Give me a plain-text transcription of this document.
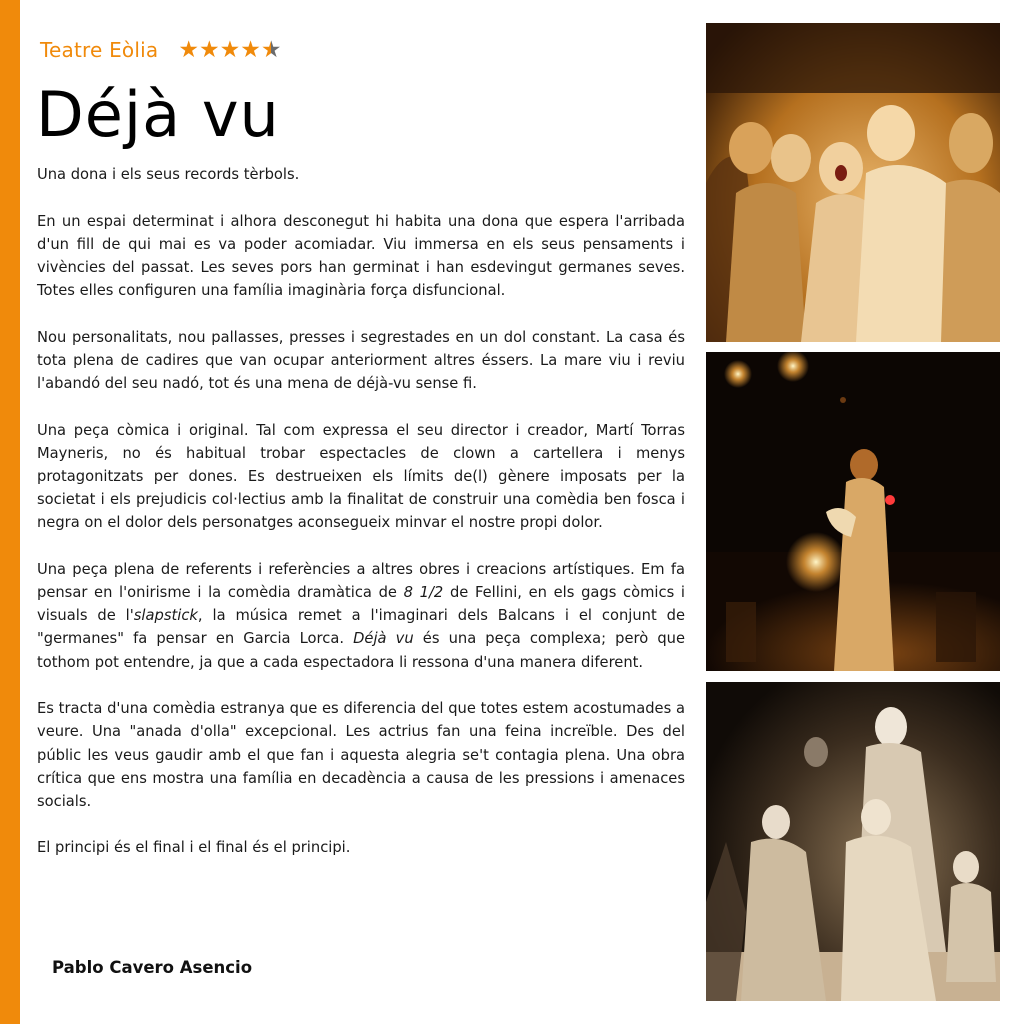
Teatre Eòlia ★ ★ ★ ★ ★
Déjà vu

Una dona i els seus records tèrbols.

En un espai determinat i alhora desconegut hi habita una dona que espera l'arribada d'un fill de qui mai es va poder acomiadar. Viu immersa en els seus pensaments i vivències del passat. Les seves pors han germinat i han esdevingut germanes seves. Totes elles configuren una família imaginària força disfuncional.

Nou personalitats, nou pallasses, presses i segrestades en un dol constant. La casa és tota plena de cadires que van ocupar anteriorment altres éssers. La mare viu i reviu l'abandó del seu nadó, tot és una mena de déjà-vu sense fi.

Una peça còmica i original. Tal com expressa el seu director i creador, Martí Torras Mayneris, no és habitual trobar espectacles de clown a cartellera i menys protagonitzats per dones. Es destrueixen els límits de(l) gènere imposats per la societat i els prejudicis col·lectius amb la finalitat de construir una comèdia ben fosca i negra on el dolor dels personatges aconsegueix minvar el nostre propi dolor.

Una peça plena de referents i referències a altres obres i creacions artístiques. Em fa pensar en l'onirisme i la comèdia dramàtica de 8 1/2 de Fellini, en els gags còmics i visuals de l'slapstick, la música remet a l'imaginari dels Balcans i el conjunt de "germanes" fa pensar en Garcia Lorca. Déjà vu és una peça complexa; però que tothom pot entendre, ja que a cada espectadora li ressona d'una manera diferent.

Es tracta d'una comèdia estranya que es diferencia del que totes estem acostumades a veure. Una "anada d'olla" excepcional. Les actrius fan una feina increïble. Des del públic les veus gaudir amb el que fan i aquesta alegria se't contagia plena. Una obra crítica que ens mostra una família en decadència a causa de les pressions i amenaces socials.

El principi és el final i el final és el principi.

Pablo Cavero Asencio
